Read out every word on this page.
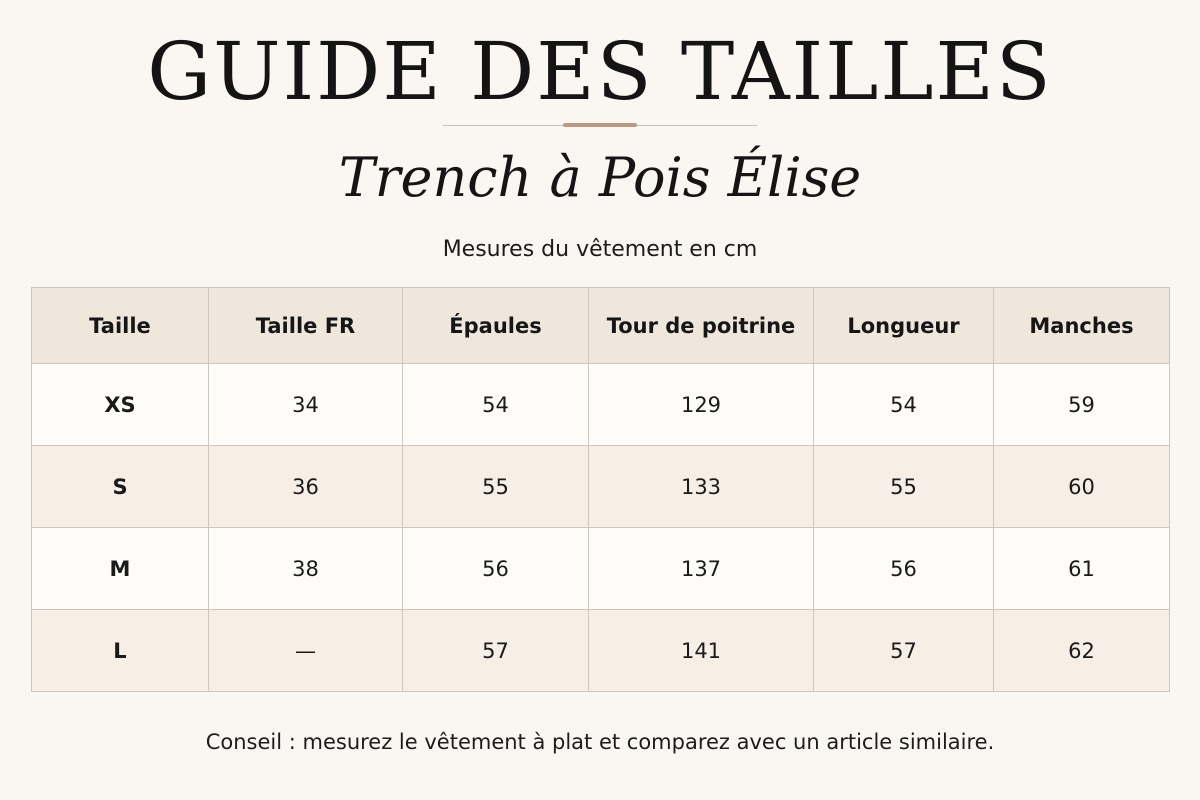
GUIDE DES TAILLES
Trench à Pois Élise
Mesures du vêtement en cm
Taille	Taille FR	Épaules	Tour de poitrine	Longueur	Manches
XS	34	54	129	54	59
S	36	55	133	55	60
M	38	56	137	56	61
L	—	57	141	57	62
Conseil : mesurez le vêtement à plat et comparez avec un article similaire.
